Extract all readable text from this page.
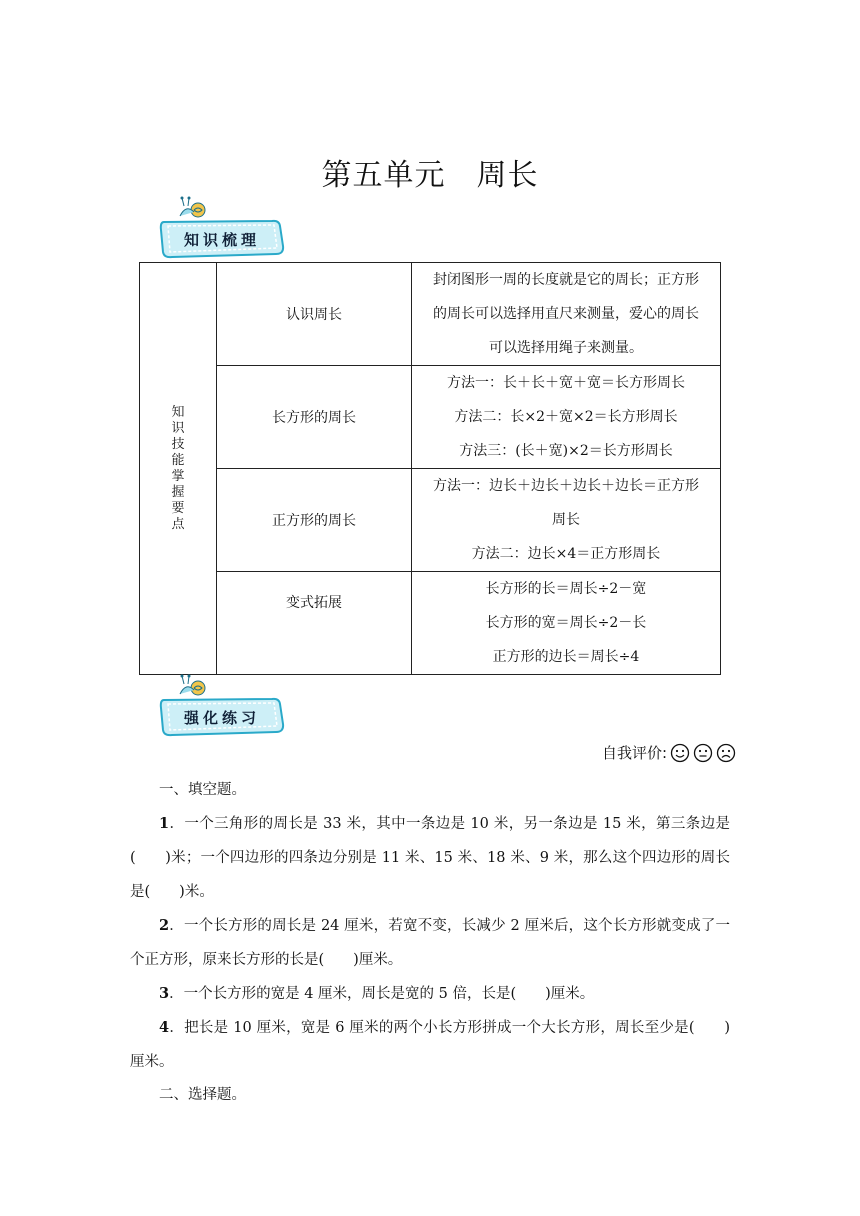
第五单元　周长
知识梳理
知识技能掌握要点	认识周长	封闭图形一周的长度就是它的周长；正方形
的周长可以选择用直尺来测量，爱心的周长
可以选择用绳子来测量。

	长方形的周长	方法一：长＋长＋宽＋宽＝长方形周长
方法二：长×2＋宽×2＝长方形周长
方法三：(长＋宽)×2＝长方形周长

	正方形的周长	方法一：边长＋边长＋边长＋边长＝正方形
周长
方法二：边长×4＝正方形周长

	变式拓展	长方形的长＝周长÷2－宽
长方形的宽＝周长÷2－长
正方形的边长＝周长÷4
强化练习
自我评价:
一、填空题。
1．一个三角形的周长是 33 米，其中一条边是 10 米，另一条边是 15 米，第三条边是(　　)米；一个四边形的四条边分别是 11 米、15 米、18 米、9 米，那么这个四边形的周长是(　　)米。
2．一个长方形的周长是 24 厘米，若宽不变，长减少 2 厘米后，这个长方形就变成了一个正方形，原来长方形的长是(　　)厘米。
3．一个长方形的宽是 4 厘米，周长是宽的 5 倍，长是(　　)厘米。
4．把长是 10 厘米，宽是 6 厘米的两个小长方形拼成一个大长方形，周长至少是(　　)厘米。
二、选择题。
